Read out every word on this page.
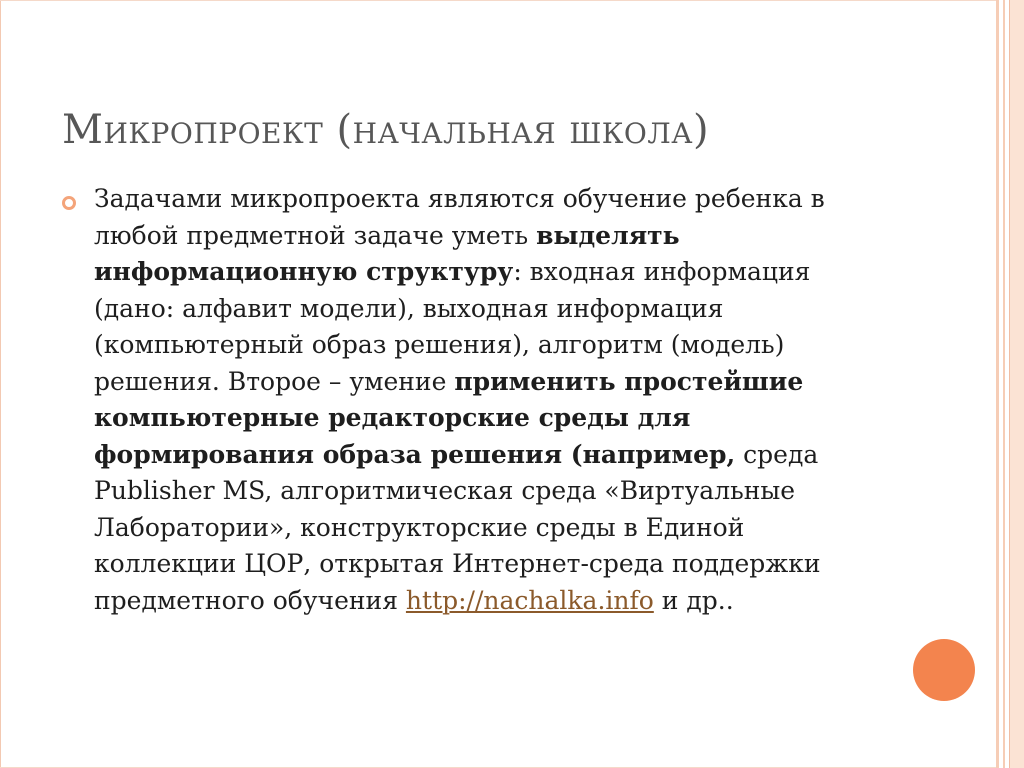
Микропроект (начальная школа)

Задачами микропроекта являются обучение ребенка в любой предметной задаче уметь выделять информационную структуру: входная информация (дано: алфавит модели), выходная информация (компьютерный образ решения), алгоритм (модель) решения. Второе – умение применить простейшие компьютерные редакторские среды для формирования образа решения (например, среда Publisher MS, алгоритмическая среда «Виртуальные Лаборатории», конструкторские среды в Единой коллекции ЦОР, открытая Интернет-среда поддержки предметного обучения http://nachalka.info и др..
